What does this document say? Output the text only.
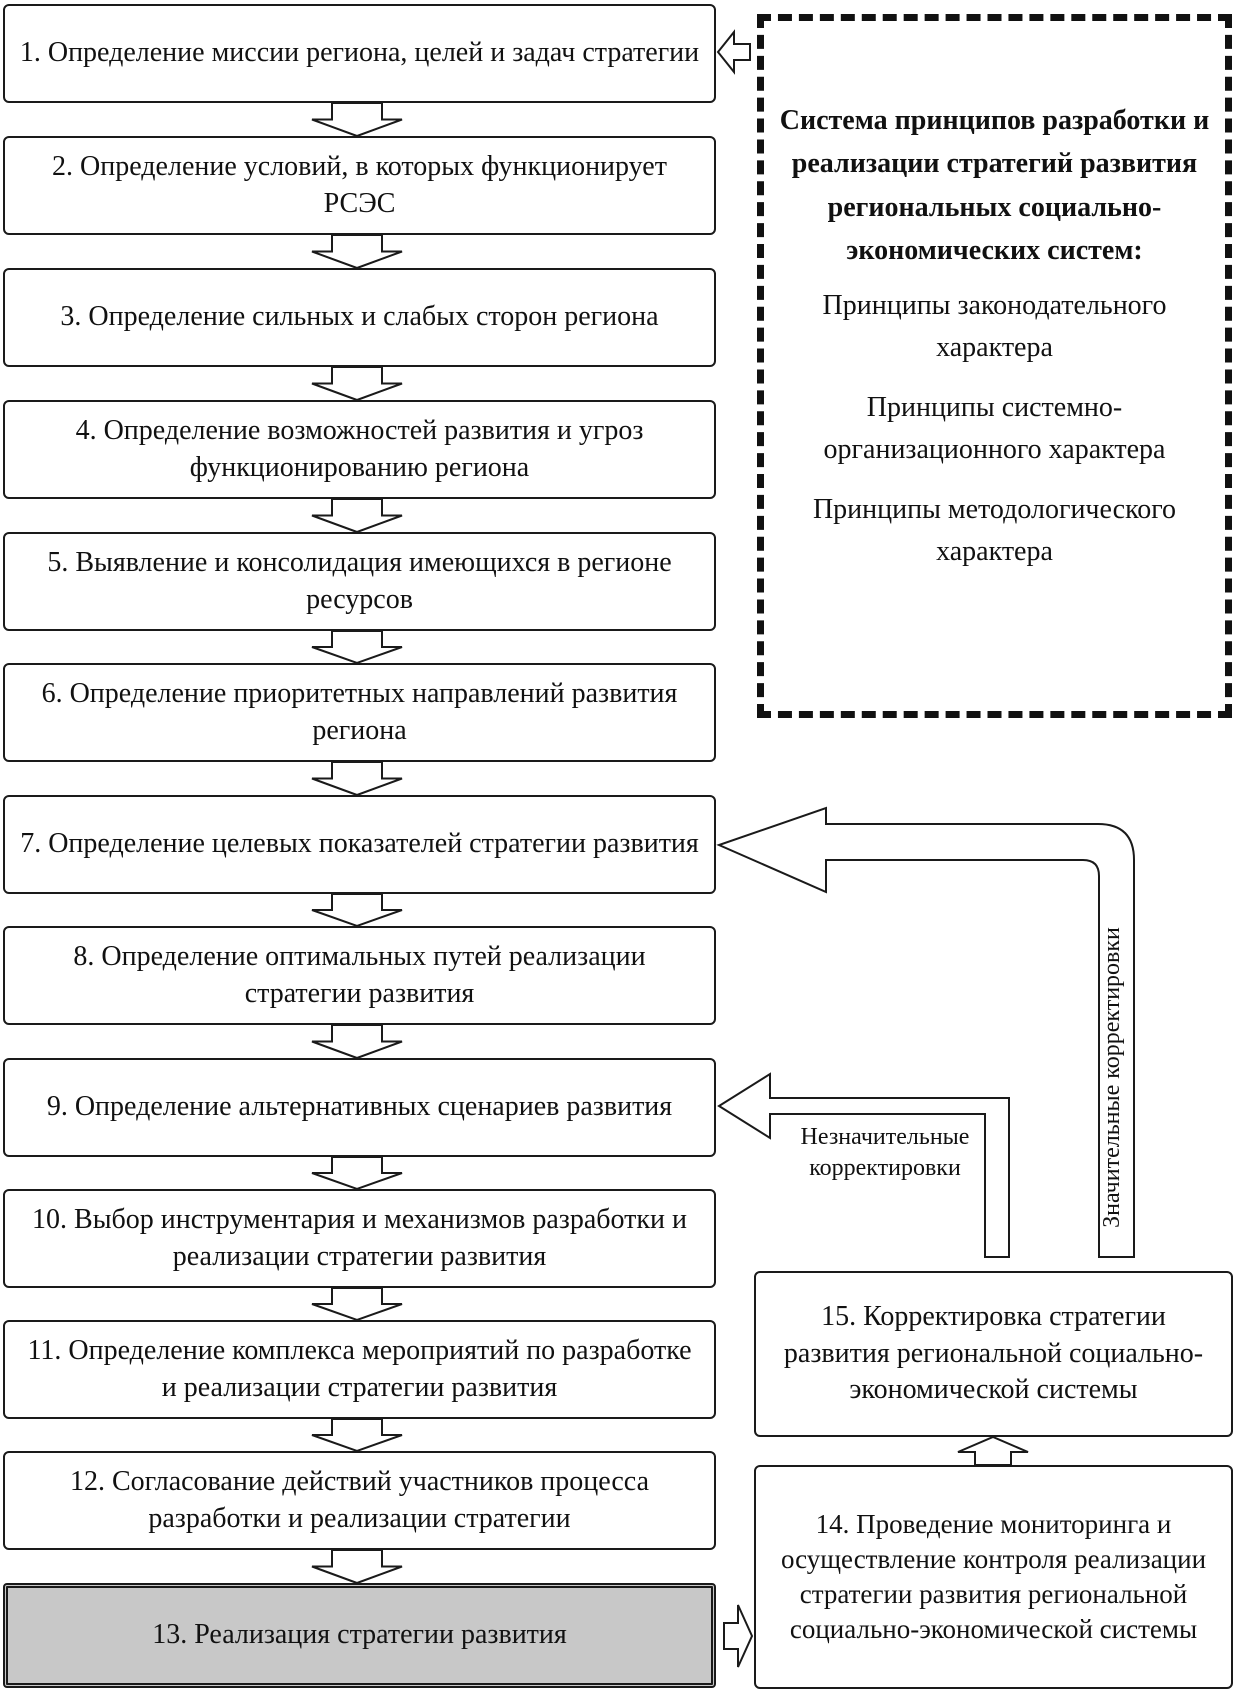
1. Определение миссии региона, целей и задач стратегии
2. Определение условий, в которых функционирует РСЭС
3. Определение сильных и слабых сторон региона
4. Определение возможностей развития и угроз функционированию региона
5. Выявление и консолидация имеющихся в регионе ресурсов
6. Определение приоритетных направлений развития региона
7. Определение целевых показателей стратегии развития
8. Определение оптимальных путей реализации стратегии развития
9. Определение альтернативных сценариев развития
10. Выбор инструментария и механизмов разработки и реализации стратегии развития
11. Определение комплекса мероприятий по разработке и реализации стратегии развития
12. Согласование действий участников процесса разработки и реализации стратегии
13. Реализация стратегии развития
15. Корректировка стратегии развития региональной социально-экономической системы
14. Проведение мониторинга и осуществление контроля реализации стратегии развития региональной социально-экономической системы
Система принципов разработки и реализации стратегий развития региональных социально-экономических систем:
Принципы законодательного характера
Принципы системно-организационного характера
Принципы методологического характера
Незначительные корректировки	Значительные корректировки
